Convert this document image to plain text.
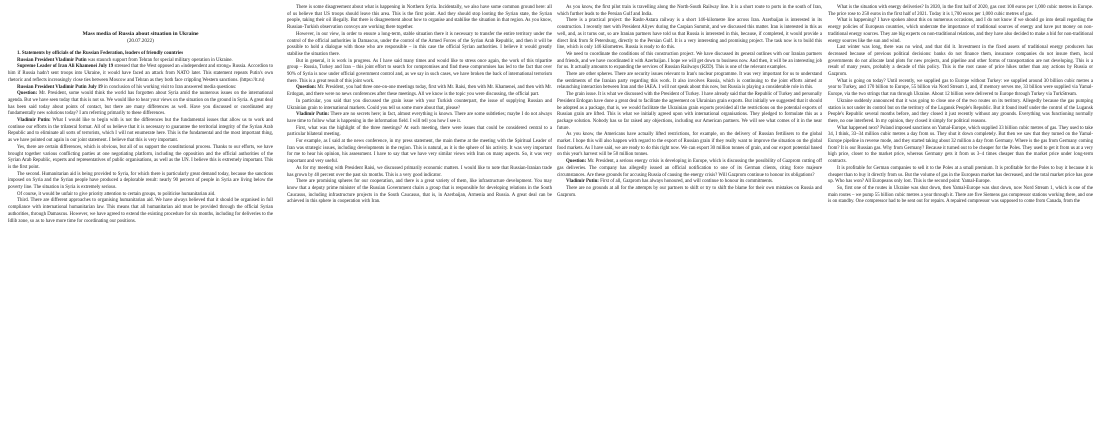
Mass media of Russia about situation in Ukraine

(20.07.2022)

1. Statements by officials of the Russian Federation, leaders of friendly countries

Russian President Vladimir Putin was staunch support from Tehran for special military operation in Ukraine.

Supreme Leader of Iran Ali Khamenei July 19 stressed that the West opposed an «independent and strong» Russia. Accordion to him if Russia hadn't sent troops into Ukraine, it would have faced an attack from NATO later. This statement repeats Putin's own rhetoric and reflects increasingly close ties between Moscow and Tehran as they both face crippling Western sanctions. (https://lt.ru)

Russian President Vladimir Putin July 19 in conclusion of his working visit to Iran answered media questions:

Question: Mr. President, some would think the world has forgotten about Syria amid the numerous issues on the international agenda. But we have seen today that this is not so. We would like to hear your views on the situation on the ground in Syria. A great deal has been said today about points of contact, but there are many differences as well. Have you discussed or coordinated any fundamentally new solutions today? I am referring primarily to these differences.

Vladimir Putin: What I would like to begin with is not the differences but the fundamental issues that allow us to work and continue our efforts in the trilateral format. All of us believe that it is necessary to guarantee the territorial integrity of the Syrian Arab Republic and to eliminate all sorts of terrorists, which I will not enumerate here. This is the fundamental and the most important thing, as we have pointed out again in our joint statement. I believe that this is very important.

Yes, there are certain differences, which is obvious, but all of us support the constitutional process. Thanks to our efforts, we have brought together various conflicting parties at one negotiating platform, including the opposition and the official authorities of the Syrian Arab Republic, experts and representatives of public organisations, as well as the UN. I believe this is extremely important. This is the first point.

The second. Humanitarian aid is being provided to Syria, for which there is particularly great demand today, because the sanctions imposed on Syria and the Syrian people have produced a deplorable result: nearly 90 percent of people in Syria are living below the poverty line. The situation in Syria is extremely serious.

Of course, it would be unfair to give priority attention to certain groups, to politicise humanitarian aid.

Third. There are different approaches to organising humanitarian aid. We have always believed that it should be organised in full compliance with international humanitarian law. This means that all humanitarian aid must be provided through the official Syrian authorities, through Damascus. However, we have agreed to extend the existing procedure for six months, including for deliveries to the Idlib zone, so as to have more time for coordinating our positions.

There is some disagreement about what is happening in Northern Syria. Incidentally, we also have some common ground here: all of us believe that US troops should leave this area. This is the first point. And they should stop looting the Syrian state, the Syrian people, taking their oil illegally. But there is disagreement about how to organise and stabilise the situation in that region. As you know, Russian-Turkish observation convoys are working there together.

However, in our view, in order to ensure a long-term, stable situation there it is necessary to transfer the entire territory under the control of the official authorities in Damascus, under the control of the Armed Forces of the Syrian Arab Republic, and then it will be possible to hold a dialogue with those who are responsible – in this case the official Syrian authorities. I believe it would greatly stabilise the situation there.

But in general, it is work in progress. As I have said many times and would like to stress once again, the work of this tripartite group – Russia, Turkey and Iran – this joint effort to search for compromises and find these compromises has led to the fact that over 90% of Syria is now under official government control and, as we say in such cases, we have broken the back of international terrorism there. This is a great result of this joint work.

Question: Mr. President, you had three one-on-one meetings today, first with Mr. Raisi, then with Mr. Khamenei, and then with Mr. Erdogan, and there were no news conferences after these meetings. All we know is the topic you were discussing, the official part.

In particular, you said that you discussed the grain issue with your Turkish counterpart, the issue of supplying Russian and Ukrainian grain to international markets. Could you tell us some more about that, please?

Vladimir Putin: There are no secrets here; in fact, almost everything is known. There are some subtleties; maybe I do not always have time to follow what is happening in the information field. I will tell you how I see it.

First, what was the highlight of the three meetings? At each meeting, there were issues that could be considered central to a particular bilateral meeting.

For example, as I said at the news conference, in my press statement, the main theme at the meeting with the Spiritual Leader of Iran was strategic issues, including developments in the region. This is natural, as it is the sphere of his activity. It was very important for me to hear his opinion, his assessment. I have to say that we have very similar views with Iran on many aspects. So, it was very important and very useful.

As for my meeting with President Raisi, we discussed primarily economic matters. I would like to note that Russian-Iranian trade has grown by 40 percent over the past six months. This is a very good indicator.

There are promising spheres for our cooperation, and there is a great variety of them, like infrastructure development. You may know that a deputy prime minister of the Russian Government chairs a group that is responsible for developing relations in the South Caucasus, including infrastructure projects in the South Caucasus, that is, in Azerbaijan, Armenia and Russia. A great deal can be achieved in this sphere in cooperation with Iran.

As you know, the first pilot train is travelling along the North-South Railway line. It is a short route to ports in the south of Iran, which further leads to the Persian Gulf and India.

There is a practical project: the Rasht-Astara railway is a short 146-kilometre line across Iran. Azerbaijan is interested in its construction. I recently met with President Aliyev during the Caspian Summit, and we discussed this matter. Iran is interested in this as well, and, as it turns out, so are Iranian partners have told us that Russia is interested in this, because, if completed, it would provide a direct link from St Petersburg, directly to the Persian Gulf. It is a very interesting and promising project. The task now is to build this line, which is only 146 kilometres. Russia is ready to do this.

We need to coordinate the conditions of this construction project. We have discussed its general outlines with our Iranian partners and friends, and we have coordinated it with Azerbaijan. I hope we will get down to business now. And then, it will be an interesting job for us. It actually amounts to expanding the services of Russian Railways (RZD). This is one of the relevant examples.

There are other spheres. There are security issues relevant to Iran's nuclear programme. It was very important for us to understand the sentiments of the Iranian party regarding this work. It also involves Russia, which is continuing to the joint efforts aimed at relaunching interaction between Iran and the IAEA. I will not speak about this now, but Russia is playing a considerable role in this.

The grain issue. It is what we discussed with the President of Turkey. I have already said that the Republic of Turkey and personally President Erdogan have done a great deal to facilitate the agreement on Ukrainian grain exports. But initially we suggested that it should be adopted as a package, that is, we would facilitate the Ukrainian grain exports provided all the restrictions on the potential exports of Russian grain are lifted. This is what we initially agreed upon with international organisations. They pledged to formulate this as a package solution. Nobody has so far raised any objections, including our American partners. We will see what comes of it in the near future.

As you know, the Americans have actually lifted restrictions, for example, on the delivery of Russian fertilisers to the global market. I hope this will also happen with regard to the export of Russian grain if they really want to improve the situation on the global food markets. As I have said, we are ready to do this right now. We can export 30 million tonnes of grain, and our export potential based on this year's harvest will be 50 million tonnes.

Question: Mr. President, a serious energy crisis is developing in Europe, which is discussing the possibility of Gazprom cutting off gas deliveries. The company has allegedly issued an official notification to one of its German clients, citing force majeure circumstances. Are these grounds for accusing Russia of causing the energy crisis? Will Gazprom continue to honour its obligations?

Vladimir Putin: First of all, Gazprom has always honoured, and will continue to honour its commitments.

There are no grounds at all for the attempts by our partners to shift or try to shift the blame for their own mistakes on Russia and Gazprom.

What is the situation with energy deliveries? In 2020, in the first half of 2020, gas cost 100 euros per 1,000 cubic metres in Europe. The price rose to 250 euros in the first half of 2021. Today it is 1,700 euros per 1,000 cubic metres of gas.

What is happening? I have spoken about this on numerous occasions, and I do not know if we should go into detail regarding the energy policies of European countries, which underrate the importance of traditional sources of energy and have put money on non-traditional energy sources. They are big experts on non-traditional relations, and they have also decided to make a bid for non-traditional energy sources like the sun and wind.

Last winter was long, there was no wind, and that did it. Investment in the fixed assets of traditional energy producers has decreased because of previous political decisions: banks do not finance them, insurance companies do not insure them, local governments do not allocate land plots for new projects, and pipeline and other forms of transportation are not developing. This is a result of many years, probably a decade of this policy. This is the root cause of price hikes rather than any actions by Russia or Gazprom.

What is going on today? Until recently, we supplied gas to Europe without Turkey: we supplied around 30 billion cubic metres a year to Turkey, and 170 billion to Europe, 55 billion via Nord Stream 1, and, if memory serves me, 33 billion were supplied via Yamal-Europe, via the two strings that run through Ukraine. About 12 billion were delivered to Europe through Turkey via TurkStream.

Ukraine suddenly announced that it was going to close one of the two routes on its territory. Allegedly because the gas pumping station is not under its control but on the territory of the Lugansk People's Republic. But it found itself under the control of the Lugansk People's Republic several months before, and they closed it just recently without any grounds. Everything was functioning normally there, no one interfered. In my opinion, they closed it simply for political reasons.

What happened next? Poland imposed sanctions on Yamal-Europe, which supplied 33 billion cubic metres of gas. They used to take 34, I think, 33–34 million cubic metres a day from us. They shut it down completely. But then we saw that they turned on the Yamal-Europe pipeline in reverse mode, and they started taking about 32 million a day from Germany. Where is the gas from Germany coming from? It is our Russian gas. Why from Germany? Because it turned out to be cheaper for the Poles. They used to get it from us at a very high price, closer to the market price, whereas Germany gets it from us 3–4 times cheaper than the market price under long-term contracts.

It is profitable for German companies to sell it to the Poles at a small premium. It is profitable for the Poles to buy it because it is cheaper than to buy it directly from us. But the volume of gas in the European market has decreased, and the total market price has gone up. Who has won? All Europeans only lost. This is the second point: Yamal-Europe.

So, first one of the routes in Ukraine was shut down, then Yamal-Europe was shut down, now Nord Stream 1, which is one of the main routes – we pump 55 billion cubic metres a year through it. There are five Siemens gas compressor stations working there, and one is on standby. One compressor had to be sent out for repairs. A repaired compressor was supposed to come from Canada, from the
